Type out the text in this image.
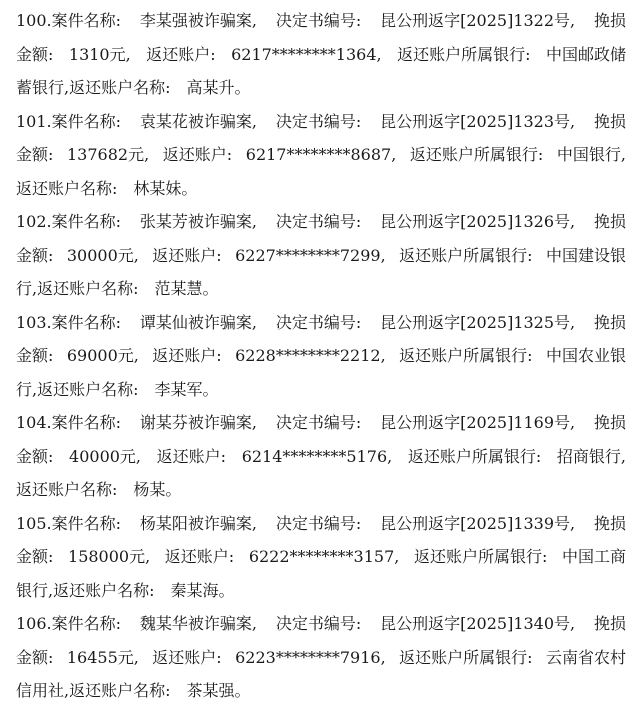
100.案件名称: 李某强被诈骗案, 决定书编号: 昆公刑返字[2025]1322号, 挽损
金额: 1310元, 返还账户: 6217********1364, 返还账户所属银行: 中国邮政储
蓄银行,返还账户名称: 高某升。
101.案件名称: 袁某花被诈骗案, 决定书编号: 昆公刑返字[2025]1323号, 挽损
金额: 137682元, 返还账户: 6217********8687, 返还账户所属银行: 中国银行,
返还账户名称: 林某妹。
102.案件名称: 张某芳被诈骗案, 决定书编号: 昆公刑返字[2025]1326号, 挽损
金额: 30000元, 返还账户: 6227********7299, 返还账户所属银行: 中国建设银
行,返还账户名称: 范某慧。
103.案件名称: 谭某仙被诈骗案, 决定书编号: 昆公刑返字[2025]1325号, 挽损
金额: 69000元, 返还账户: 6228********2212, 返还账户所属银行: 中国农业银
行,返还账户名称: 李某军。
104.案件名称: 谢某芬被诈骗案, 决定书编号: 昆公刑返字[2025]1169号, 挽损
金额: 40000元, 返还账户: 6214********5176, 返还账户所属银行: 招商银行,
返还账户名称: 杨某。
105.案件名称: 杨某阳被诈骗案, 决定书编号: 昆公刑返字[2025]1339号, 挽损
金额: 158000元, 返还账户: 6222********3157, 返还账户所属银行: 中国工商
银行,返还账户名称: 秦某海。
106.案件名称: 魏某华被诈骗案, 决定书编号: 昆公刑返字[2025]1340号, 挽损
金额: 16455元, 返还账户: 6223********7916, 返还账户所属银行: 云南省农村
信用社,返还账户名称: 茶某强。
